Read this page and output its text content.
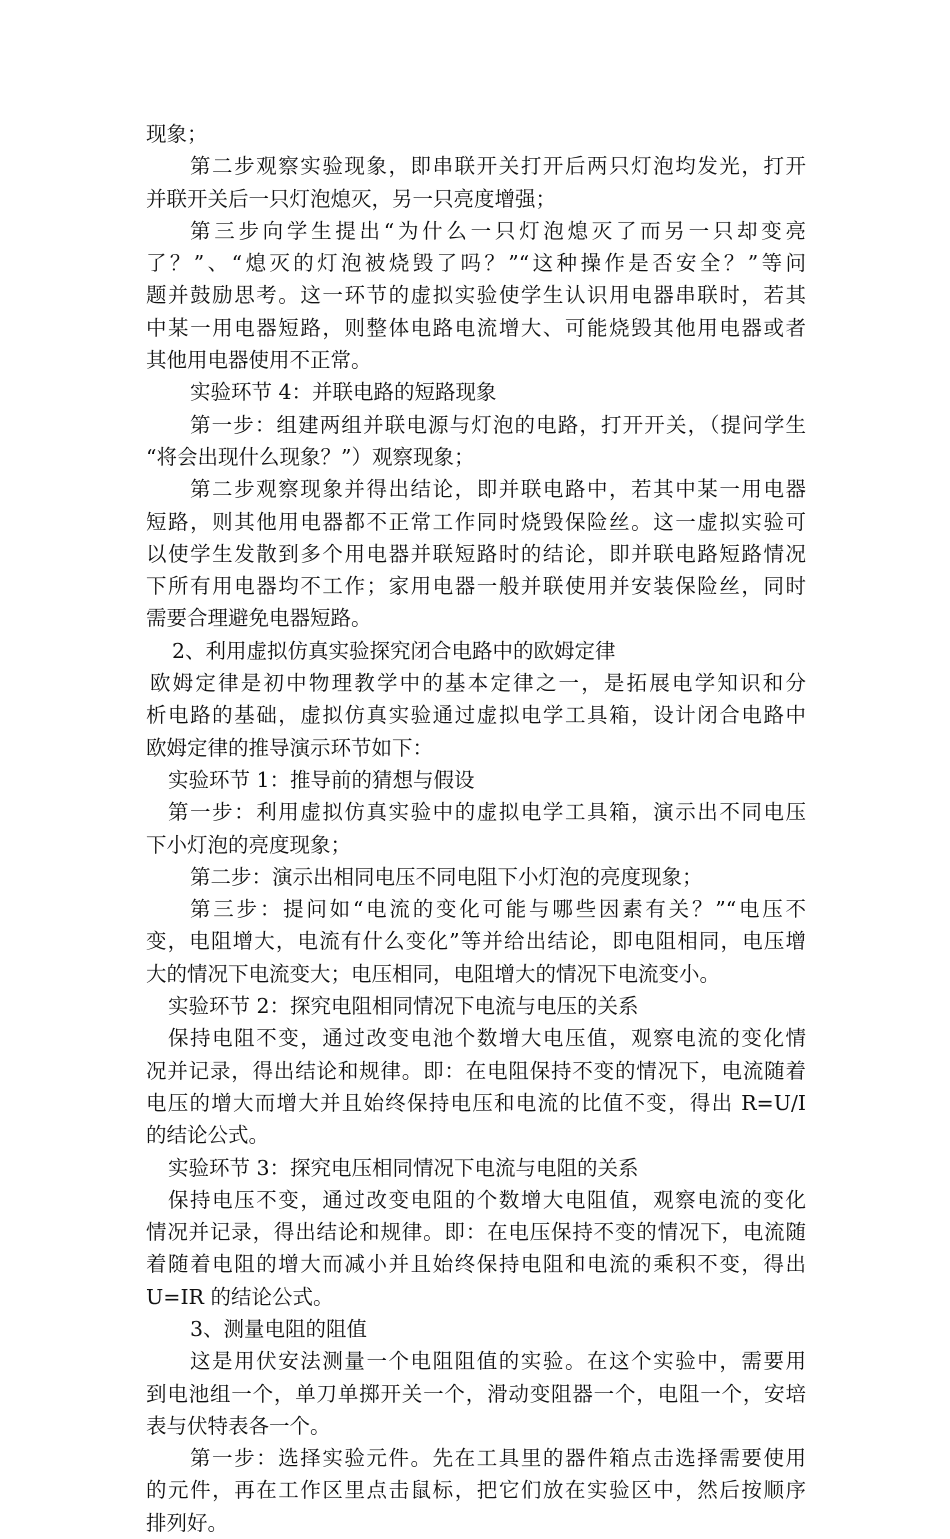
现象；
第二步观察实验现象，即串联开关打开后两只灯泡均发光，打开
并联开关后一只灯泡熄灭，另一只亮度增强；
第三步向学生提出“为什么一只灯泡熄灭了而另一只却变亮
了？”、“熄灭的灯泡被烧毁了吗？”“这种操作是否安全？”等问
题并鼓励思考。这一环节的虚拟实验使学生认识用电器串联时，若其
中某一用电器短路，则整体电路电流增大、可能烧毁其他用电器或者
其他用电器使用不正常。
实验环节 4：并联电路的短路现象
第一步：组建两组并联电源与灯泡的电路，打开开关，（提问学生
“将会出现什么现象？”）观察现象；
第二步观察现象并得出结论，即并联电路中，若其中某一用电器
短路，则其他用电器都不正常工作同时烧毁保险丝。这一虚拟实验可
以使学生发散到多个用电器并联短路时的结论，即并联电路短路情况
下所有用电器均不工作；家用电器一般并联使用并安装保险丝，同时
需要合理避免电器短路。
2、利用虚拟仿真实验探究闭合电路中的欧姆定律
欧姆定律是初中物理教学中的基本定律之一，是拓展电学知识和分
析电路的基础，虚拟仿真实验通过虚拟电学工具箱，设计闭合电路中
欧姆定律的推导演示环节如下：
实验环节 1：推导前的猜想与假设
第一步：利用虚拟仿真实验中的虚拟电学工具箱，演示出不同电压
下小灯泡的亮度现象；
第二步：演示出相同电压不同电阻下小灯泡的亮度现象；
第三步：提问如“电流的变化可能与哪些因素有关？”“电压不
变，电阻增大，电流有什么变化”等并给出结论，即电阻相同，电压增
大的情况下电流变大；电压相同，电阻增大的情况下电流变小。
实验环节 2：探究电阻相同情况下电流与电压的关系
保持电阻不变，通过改变电池个数增大电压值，观察电流的变化情
况并记录，得出结论和规律。即：在电阻保持不变的情况下，电流随着
电压的增大而增大并且始终保持电压和电流的比值不变，得出 R=U/I
的结论公式。
实验环节 3：探究电压相同情况下电流与电阻的关系
保持电压不变，通过改变电阻的个数增大电阻值，观察电流的变化
情况并记录，得出结论和规律。即：在电压保持不变的情况下，电流随
着随着电阻的增大而减小并且始终保持电阻和电流的乘积不变，得出
U=IR 的结论公式。
3、测量电阻的阻值
这是用伏安法测量一个电阻阻值的实验。在这个实验中，需要用
到电池组一个，单刀单掷开关一个，滑动变阻器一个，电阻一个，安培
表与伏特表各一个。
第一步：选择实验元件。先在工具里的器件箱点击选择需要使用
的元件，再在工作区里点击鼠标，把它们放在实验区中，然后按顺序
排列好。
